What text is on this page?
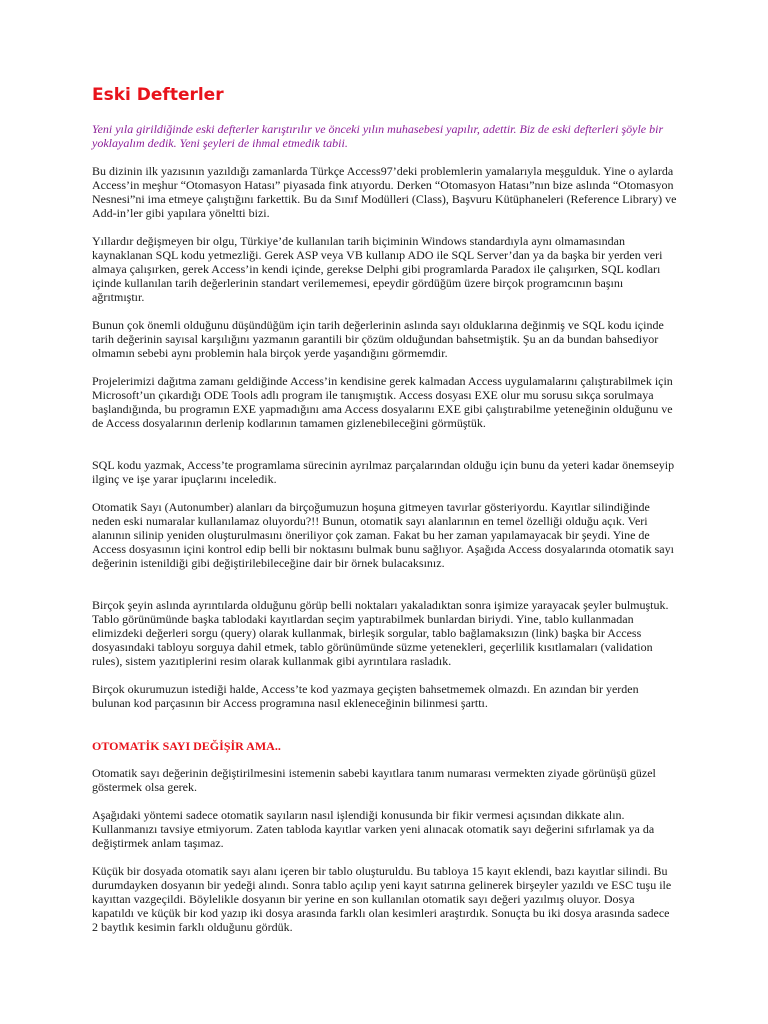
Eski Defterler

Yeni yıla girildiğinde eski defterler karıştırılır ve önceki yılın muhasebesi yapılır, adettir. Biz de eski defterleri şöyle bir yoklayalım dedik. Yeni şeyleri de ihmal etmedik tabii.

Bu dizinin ilk yazısının yazıldığı zamanlarda Türkçe Access97’deki problemlerin yamalarıyla meşgulduk. Yine o aylarda Access’in meşhur “Otomasyon Hatası” piyasada fink atıyordu. Derken “Otomasyon Hatası”nın bize aslında “Otomasyon Nesnesi”ni ima etmeye çalıştığını farkettik. Bu da Sınıf Modülleri (Class), Başvuru Kütüphaneleri (Reference Library) ve Add-in’ler gibi yapılara yöneltti bizi.

Yıllardır değişmeyen bir olgu, Türkiye’de kullanılan tarih biçiminin Windows standardıyla aynı olmamasından kaynaklanan SQL kodu yetmezliği. Gerek ASP veya VB kullanıp ADO ile SQL Server’dan ya da başka bir yerden veri almaya çalışırken, gerek Access’in kendi içinde, gerekse Delphi gibi programlarda Paradox ile çalışırken, SQL kodları içinde kullanılan tarih değerlerinin standart verilememesi, epeydir gördüğüm üzere birçok programcının başını ağrıtmıştır.

Bunun çok önemli olduğunu düşündüğüm için tarih değerlerinin aslında sayı olduklarına değinmiş ve SQL kodu içinde tarih değerinin sayısal karşılığını yazmanın garantili bir çözüm olduğundan bahsetmiştik. Şu an da bundan bahsediyor olmamın sebebi aynı problemin hala birçok yerde yaşandığını görmemdir.

Projelerimizi dağıtma zamanı geldiğinde Access’in kendisine gerek kalmadan Access uygulamalarını çalıştırabilmek için Microsoft’un çıkardığı ODE Tools adlı program ile tanışmıştık. Access dosyası EXE olur mu sorusu sıkça sorulmaya başlandığında, bu programın EXE yapmadığını ama Access dosyalarını EXE gibi çalıştırabilme yeteneğinin olduğunu ve de Access dosyalarının derlenip kodlarının tamamen gizlenebileceğini görmüştük.

SQL kodu yazmak, Access’te programlama sürecinin ayrılmaz parçalarından olduğu için bunu da yeteri kadar önemseyip ilginç ve işe yarar ipuçlarını inceledik.

Otomatik Sayı (Autonumber) alanları da birçoğumuzun hoşuna gitmeyen tavırlar gösteriyordu. Kayıtlar silindiğinde neden eski numaralar kullanılamaz oluyordu?!! Bunun, otomatik sayı alanlarının en temel özelliği olduğu açık. Veri alanının silinip yeniden oluşturulmasını öneriliyor çok zaman. Fakat bu her zaman yapılamayacak bir şeydi. Yine de Access dosyasının içini kontrol edip belli bir noktasını bulmak bunu sağlıyor. Aşağıda Access dosyalarında otomatik sayı değerinin istenildiği gibi değiştirilebileceğine dair bir örnek bulacaksınız.

Birçok şeyin aslında ayrıntılarda olduğunu görüp belli noktaları yakaladıktan sonra işimize yarayacak şeyler bulmuştuk. Tablo görünümünde başka tablodaki kayıtlardan seçim yaptırabilmek bunlardan biriydi. Yine, tablo kullanmadan elimizdeki değerleri sorgu (query) olarak kullanmak, birleşik sorgular, tablo bağlamaksızın (link) başka bir Access dosyasındaki tabloyu sorguya dahil etmek, tablo görünümünde süzme yetenekleri, geçerlilik kısıtlamaları (validation rules), sistem yazıtiplerini resim olarak kullanmak gibi ayrıntılara rasladık.

Birçok okurumuzun istediği halde, Access’te kod yazmaya geçişten bahsetmemek olmazdı. En azından bir yerden bulunan kod parçasının bir Access programına nasıl ekleneceğinin bilinmesi şarttı.

OTOMATİK SAYI DEĞİŞİR AMA..

Otomatik sayı değerinin değiştirilmesini istemenin sabebi kayıtlara tanım numarası vermekten ziyade görünüşü güzel göstermek olsa gerek.

Aşağıdaki yöntemi sadece otomatik sayıların nasıl işlendiği konusunda bir fikir vermesi açısından dikkate alın. Kullanmanızı tavsiye etmiyorum. Zaten tabloda kayıtlar varken yeni alınacak otomatik sayı değerini sıfırlamak ya da değiştirmek anlam taşımaz.

Küçük bir dosyada otomatik sayı alanı içeren bir tablo oluşturuldu. Bu tabloya 15 kayıt eklendi, bazı kayıtlar silindi. Bu durumdayken dosyanın bir yedeği alındı. Sonra tablo açılıp yeni kayıt satırına gelinerek birşeyler yazıldı ve ESC tuşu ile kayıttan vazgeçildi. Böylelikle dosyanın bir yerine en son kullanılan otomatik sayı değeri yazılmış oluyor. Dosya kapatıldı ve küçük bir kod yazıp iki dosya arasında farklı olan kesimleri araştırdık. Sonuçta bu iki dosya arasında sadece 2 baytlık kesimin farklı olduğunu gördük.
